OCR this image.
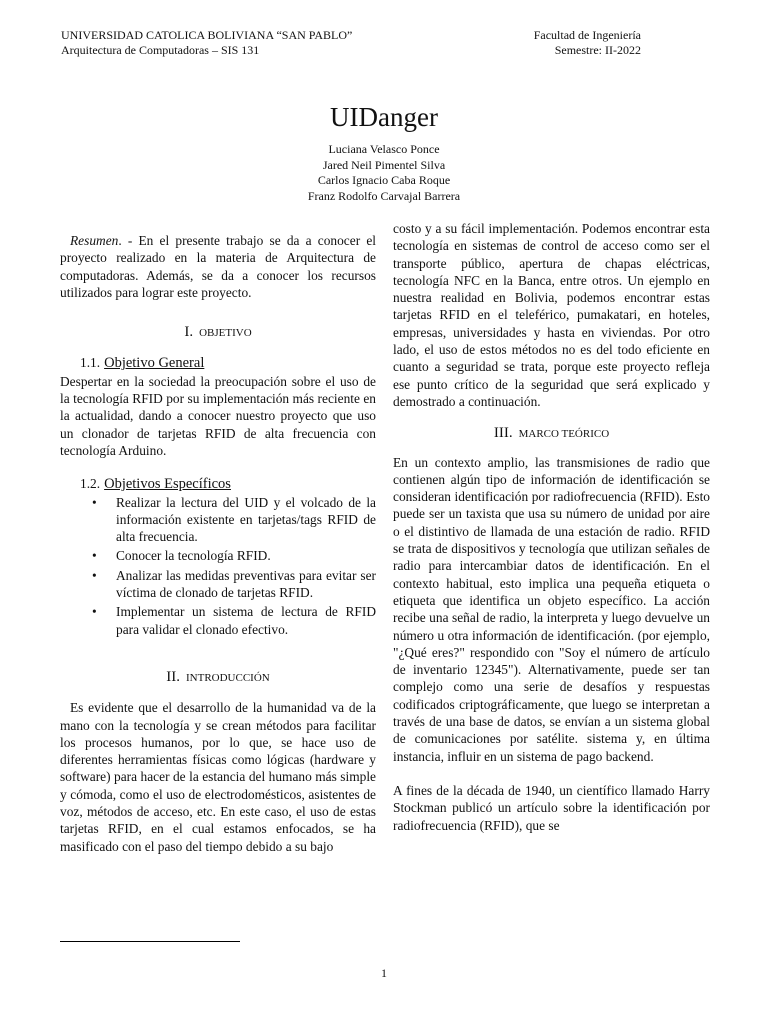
UNIVERSIDAD CATOLICA BOLIVIANA “SAN PABLO”
Arquitectura de Computadoras – SIS 131
Facultad de Ingeniería
Semestre: II-2022
UIDanger
Luciana Velasco Ponce
Jared Neil Pimentel Silva
Carlos Ignacio Caba Roque
Franz Rodolfo Carvajal Barrera

Resumen. - En el presente trabajo se da a conocer el proyecto realizado en la materia de Arquitectura de computadoras. Además, se da a conocer los recursos utilizados para lograr este proyecto.

I. OBJETIVO
1.1. Objetivo General

Despertar en la sociedad la preocupación sobre el uso de la tecnología RFID por su implementación más reciente en la actualidad, dando a conocer nuestro proyecto que uso un clonador de tarjetas RFID de alta frecuencia con tecnología Arduino.

1.2. Objetivos Específicos
• Realizar la lectura del UID y el volcado de la información existente en tarjetas/tags RFID de alta frecuencia.
• Conocer la tecnología RFID.
• Analizar las medidas preventivas para evitar ser víctima de clonado de tarjetas RFID.
• Implementar un sistema de lectura de RFID para validar el clonado efectivo.
II. INTRODUCCIÓN

Es evidente que el desarrollo de la humanidad va de la mano con la tecnología y se crean métodos para facilitar los procesos humanos, por lo que, se hace uso de diferentes herramientas físicas como lógicas (hardware y software) para hacer de la estancia del humano más simple y cómoda, como el uso de electrodomésticos, asistentes de voz, métodos de acceso, etc. En este caso, el uso de estas tarjetas RFID, en el cual estamos enfocados, se ha masificado con el paso del tiempo debido a su bajo

costo y a su fácil implementación. Podemos encontrar esta tecnología en sistemas de control de acceso como ser el transporte público, apertura de chapas eléctricas, tecnología NFC en la Banca, entre otros. Un ejemplo en nuestra realidad en Bolivia, podemos encontrar estas tarjetas RFID en el teleférico, pumakatari, en hoteles, empresas, universidades y hasta en viviendas. Por otro lado, el uso de estos métodos no es del todo eficiente en cuanto a seguridad se trata, porque este proyecto refleja ese punto crítico de la seguridad que será explicado y demostrado a continuación.

III. MARCO TEÓRICO

En un contexto amplio, las transmisiones de radio que contienen algún tipo de información de identificación se consideran identificación por radiofrecuencia (RFID). Esto puede ser un taxista que usa su número de unidad por aire o el distintivo de llamada de una estación de radio. RFID se trata de dispositivos y tecnología que utilizan señales de radio para intercambiar datos de identificación. En el contexto habitual, esto implica una pequeña etiqueta o etiqueta que identifica un objeto específico. La acción recibe una señal de radio, la interpreta y luego devuelve un número u otra información de identificación. (por ejemplo, "¿Qué eres?" respondido con "Soy el número de artículo de inventario 12345"). Alternativamente, puede ser tan complejo como una serie de desafíos y respuestas codificados criptográficamente, que luego se interpretan a través de una base de datos, se envían a un sistema global de comunicaciones por satélite. sistema y, en última instancia, influir en un sistema de pago backend.

A fines de la década de 1940, un científico llamado Harry Stockman publicó un artículo sobre la identificación por radiofrecuencia (RFID), que se

1
